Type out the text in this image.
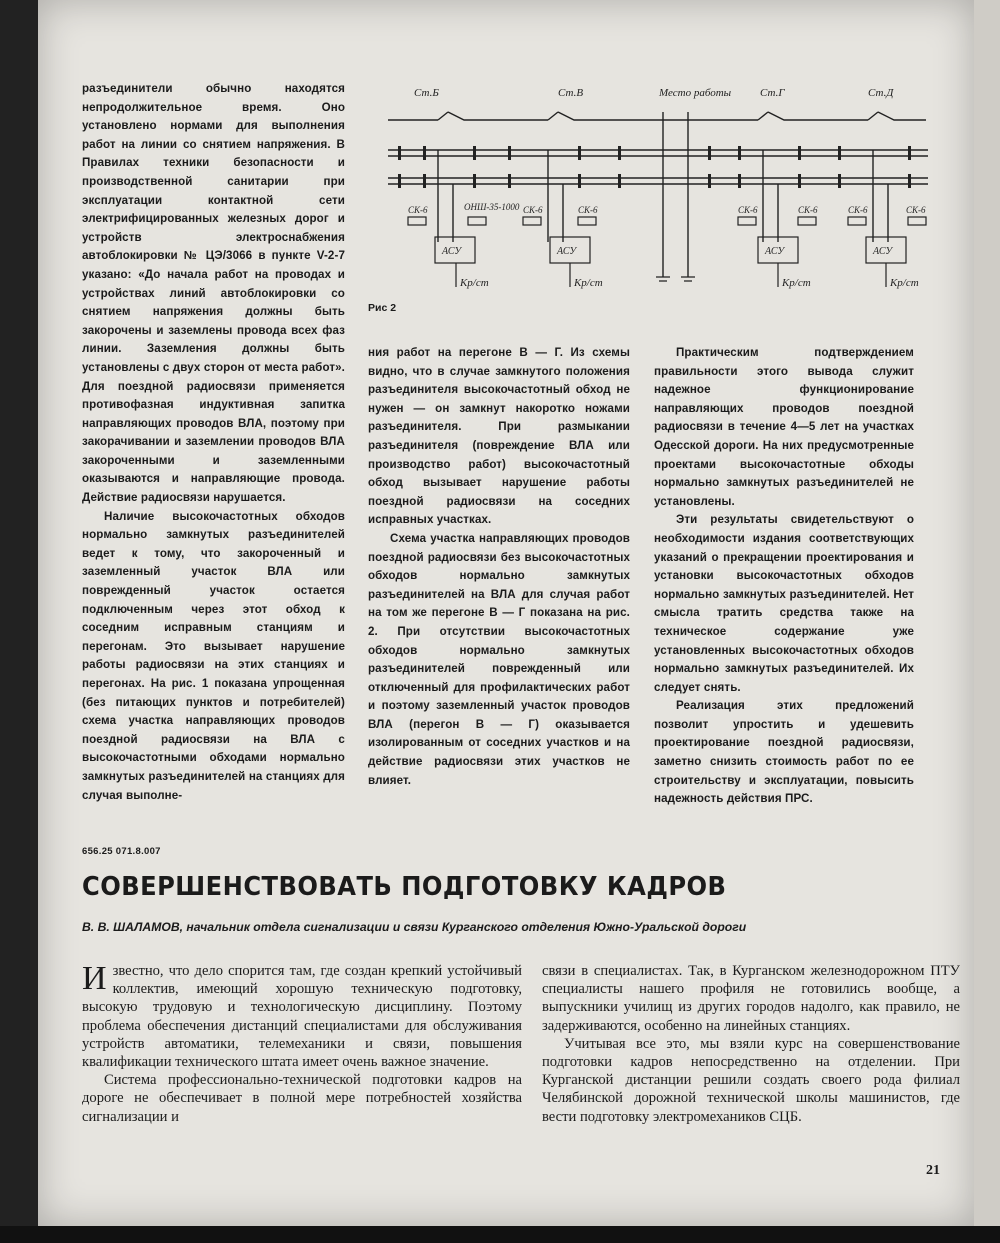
Ст.Б	Ст.В	Место работы	Ст.Г	Ст.Д
СК-6	ОНШ-35-1000 СК-6	СК-6	СК-6	СК-6	СК-6	СК-6
АСУ	АСУ	АСУ	АСУ
Кр/ст	Кр/ст	Кр/ст	Кр/ст
Рис 2

разъединители обычно находятся непродолжительное время. Оно установлено нормами для выполнения работ на линии со снятием напряжения. В Правилах техники безопасности и производственной санитарии при эксплуатации контактной сети электрифицированных железных дорог и устройств электроснабжения автоблокировки № ЦЭ/3066 в пункте V-2-7 указано: «До начала работ на проводах и устройствах линий автоблокировки со снятием напряжения должны быть закорочены и заземлены провода всех фаз линии. Заземления должны быть установлены с двух сторон от места работ». Для поездной радиосвязи применяется противофазная индуктивная запитка направляющих проводов ВЛА, поэтому при закорачивании и заземлении проводов ВЛА закороченными и заземленными оказываются и направляющие провода. Действие радиосвязи нарушается.

Наличие высокочастотных обходов нормально замкнутых разъединителей ведет к тому, что закороченный и заземленный участок ВЛА или поврежденный участок остается подключенным через этот обход к соседним исправным станциям и перегонам. Это вызывает нарушение работы радиосвязи на этих станциях и перегонах. На рис. 1 показана упрощенная (без питающих пунктов и потребителей) схема участка направляющих проводов поездной радиосвязи на ВЛА с высокочастотными обходами нормально замкнутых разъединителей на станциях для случая выполне-

ния работ на перегоне В — Г. Из схемы видно, что в случае замкнутого положения разъединителя высокочастотный обход не нужен — он замкнут накоротко ножами разъединителя. При размыкании разъединителя (повреждение ВЛА или производство работ) высокочастотный обход вызывает нарушение работы поездной радиосвязи на соседних исправных участках.

Схема участка направляющих проводов поездной радиосвязи без высокочастотных обходов нормально замкнутых разъединителей на ВЛА для случая работ на том же перегоне В — Г показана на рис. 2. При отсутствии высокочастотных обходов нормально замкнутых разъединителей поврежденный или отключенный для профилактических работ и поэтому заземленный участок проводов ВЛА (перегон В — Г) оказывается изолированным от соседних участков и на действие радиосвязи этих участков не влияет.

Практическим подтверждением правильности этого вывода служит надежное функционирование направляющих проводов поездной радиосвязи в течение 4—5 лет на участках Одесской дороги. На них предусмотренные проектами высокочастотные обходы нормально замкнутых разъединителей не установлены.

Эти результаты свидетельствуют о необходимости издания соответствующих указаний о прекращении проектирования и установки высокочастотных обходов нормально замкнутых разъединителей. Нет смысла тратить средства также на техническое содержание уже установленных высокочастотных обходов нормально замкнутых разъединителей. Их следует снять.

Реализация этих предложений позволит упростить и удешевить проектирование поездной радиосвязи, заметно снизить стоимость работ по ее строительству и эксплуатации, повысить надежность действия ПРС.

656.25 071.8.007
СОВЕРШЕНСТВОВАТЬ ПОДГОТОВКУ КАДРОВ
В. В. ШАЛАМОВ, начальник отдела сигнализации и связи Курганского отделения Южно-Уральской дороги

Известно, что дело спорится там, где создан крепкий устойчивый коллектив, имеющий хорошую техническую подготовку, высокую трудовую и технологическую дисциплину. Поэтому проблема обеспечения дистанций специалистами для обслуживания устройств автоматики, телемеханики и связи, повышения квалификации технического штата имеет очень важное значение.

Система профессионально-технической подготовки кадров на дороге не обеспечивает в полной мере потребностей хозяйства сигнализации и

связи в специалистах. Так, в Курганском железнодорожном ПТУ специалисты нашего профиля не готовились вообще, а выпускники училищ из других городов надолго, как правило, не задерживаются, особенно на линейных станциях.

Учитывая все это, мы взяли курс на совершенствование подготовки кадров непосредственно на отделении. При Курганской дистанции решили создать своего рода филиал Челябинской дорожной технической школы машинистов, где вести подготовку электромехаников СЦБ.

21
